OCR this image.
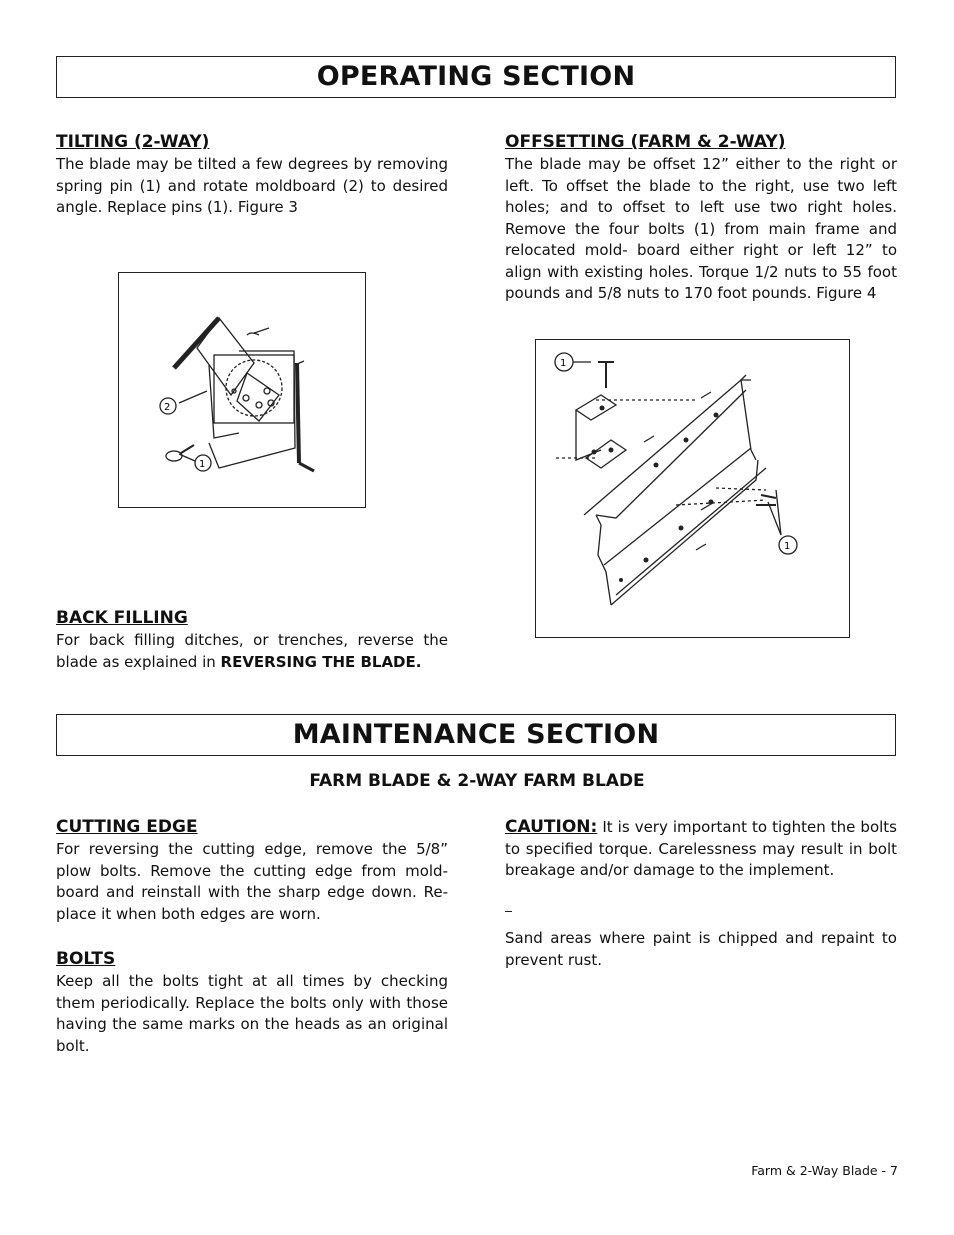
OPERATING SECTION
TILTING (2-WAY)

The blade may be tilted a few degrees by removing spring pin (1) and rotate moldboard (2) to desired angle. Replace pins (1). Figure 3

OFFSETTING (FARM & 2-WAY)

The blade may be offset 12” either to the right or left. To offset the blade to the right, use two left holes; and to offset to left use two right holes. Remove the four bolts (1) from main frame and relocated mold- board either right or left 12” to align with existing holes. Torque 1/2 nuts to 55 foot pounds and 5/8 nuts to 170 foot pounds. Figure 4

2
1
1
1
BACK FILLING

For back filling ditches, or trenches, reverse the blade as explained in REVERSING THE BLADE.

MAINTENANCE SECTION
FARM BLADE & 2-WAY FARM BLADE
CUTTING EDGE

For reversing the cutting edge, remove the 5/8” plow bolts. Remove the cutting edge from mold- board and reinstall with the sharp edge down. Re- place it when both edges are worn.

BOLTS

Keep all the bolts tight at all times by checking them periodically. Replace the bolts only with those having the same marks on the heads as an original bolt.

CAUTION: It is very important to tighten the bolts to specified torque. Carelessness may result in bolt breakage and/or damage to the implement.

Sand areas where paint is chipped and repaint to prevent rust.

Farm & 2-Way Blade - 7
